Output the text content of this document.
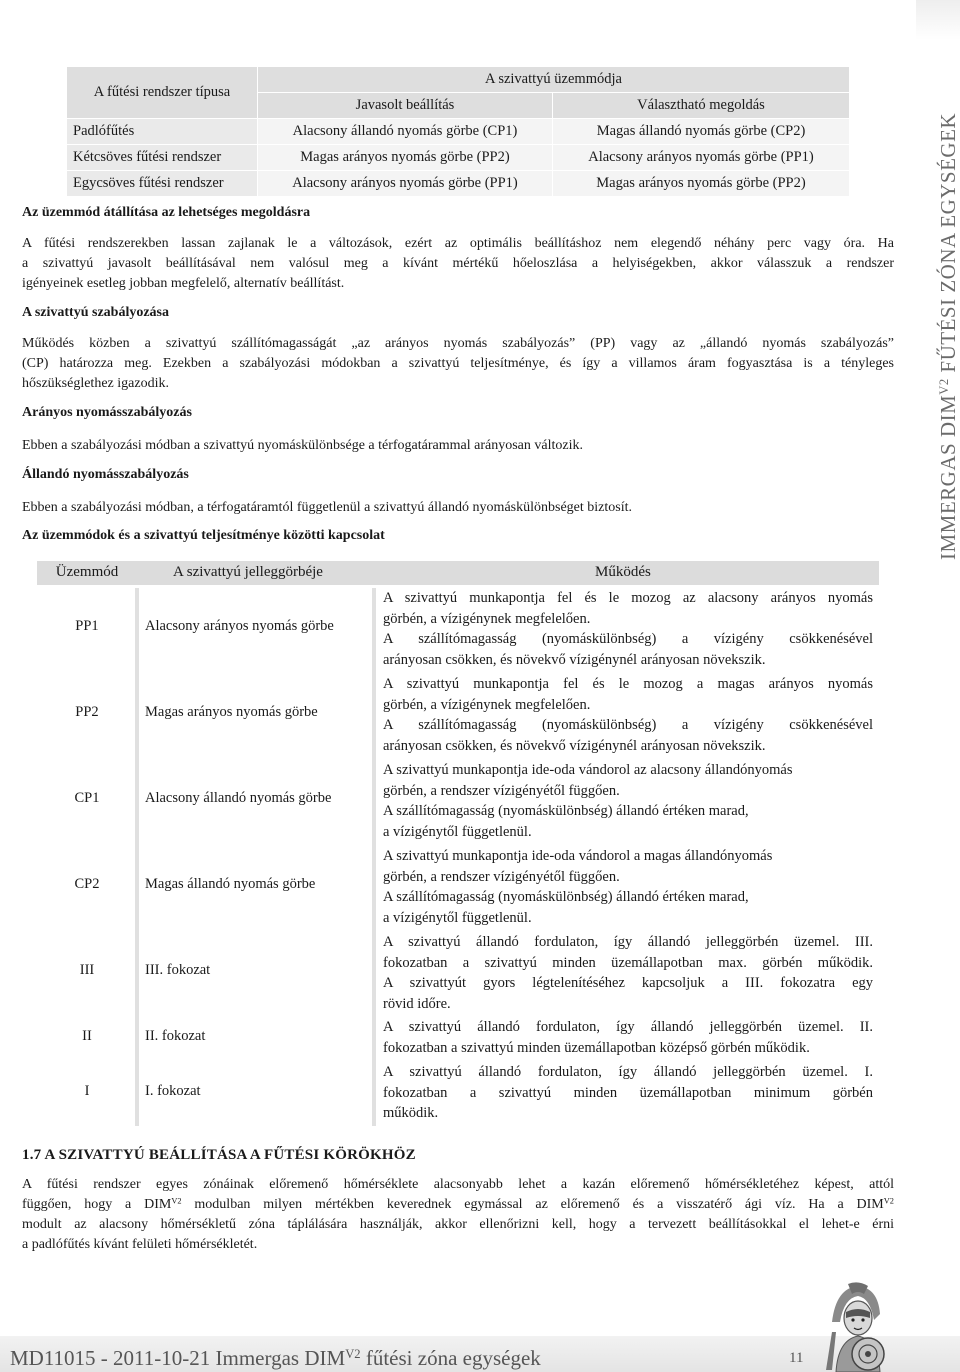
A fűtési rendszer típusa	A szivattyú üzemmódja	
	Javasolt beállítás	Választható megoldás
Padlófűtés	Alacsony állandó nyomás görbe (CP1)	Magas állandó nyomás görbe (CP2)
Kétcsöves fűtési rendszer	Magas arányos nyomás görbe (PP2)	Alacsony arányos nyomás görbe (PP1)
Egycsöves fűtési rendszer	Alacsony arányos nyomás görbe (PP1)	Magas arányos nyomás görbe (PP2)
Az üzemmód átállítása az lehetséges megoldásra
A fűtési rendszerekben lassan zajlanak le a változások, ezért az optimális beállításhoz nem elegendő néhány perc vagy óra. Ha
a szivattyú javasolt beállításával nem valósul meg a kívánt mértékű hőeloszlása a helyiségekben, akkor válasszuk a rendszer
igényeinek esetleg jobban megfelelő, alternatív beállítást.
A szivattyú szabályozása
Működés közben a szivattyú szállítómagasságát „az arányos nyomás szabályozás” (PP) vagy az „állandó nyomás szabályozás”
(CP) határozza meg. Ezekben a szabályozási módokban a szivattyú teljesítménye, és így a villamos áram fogyasztása is a tényleges
hőszükséglethez igazodik.
Arányos nyomásszabályozás
Ebben a szabályozási módban a szivattyú nyomáskülönbsége a térfogatárammal arányosan változik.
Állandó nyomásszabályozás
Ebben a szabályozási módban, a térfogatáramtól függetlenül a szivattyú állandó nyomáskülönbséget biztosít.
Az üzemmódok és a szivattyú teljesítménye közötti kapcsolat
Üzemmód	A szivattyú jelleggörbéje	Működés
PP1	Alacsony arányos nyomás görbe
A szivattyú munkapontja fel és le mozog az alacsony arányos nyomás
görbén, a vízigénynek megfelelően.
A szállítómagasság (nyomáskülönbség) a vízigény csökkenésével
arányosan csökken, és növekvő vízigénynél arányosan növekszik.
PP2	Magas arányos nyomás görbe
A szivattyú munkapontja fel és le mozog a magas arányos nyomás
görbén, a vízigénynek megfelelően.
A szállítómagasság (nyomáskülönbség) a vízigény csökkenésével
arányosan csökken, és növekvő vízigénynél arányosan növekszik.
CP1	Alacsony állandó nyomás görbe
A szivattyú munkapontja ide-oda vándorol az alacsony állandónyomás
görbén, a rendszer vízigényétől függően.
A szállítómagasság (nyomáskülönbség) állandó értéken marad,
a vízigénytől függetlenül.
CP2	Magas állandó nyomás görbe
A szivattyú munkapontja ide-oda vándorol a magas állandónyomás
görbén, a rendszer vízigényétől függően.
A szállítómagasság (nyomáskülönbség) állandó értéken marad,
a vízigénytől függetlenül.
III	III. fokozat
A szivattyú állandó fordulaton, így állandó jelleggörbén üzemel. III.
fokozatban a szivattyú minden üzemállapotban max. görbén működik.
A szivattyút gyors légtelenítéséhez kapcsoljuk a III. fokozatra egy
rövid időre.
II	II. fokozat
A szivattyú állandó fordulaton, így állandó jelleggörbén üzemel. II.
fokozatban a szivattyú minden üzemállapotban középső görbén működik.
I	I. fokozat
A szivattyú állandó fordulaton, így állandó jelleggörbén üzemel. I.
fokozatban a szivattyú minden üzemállapotban minimum görbén
működik.
1.7 A SZIVATTYÚ BEÁLLÍTÁSA A FŰTÉSI KÖRÖKHÖZ
A fűtési rendszer egyes zónáinak előremenő hőmérséklete alacsonyabb lehet a kazán előremenő hőmérsékletéhez képest, attól
függően, hogy a $DIM^{V2}$ modulban milyen mértékben keverednek egymással az előremenő és a visszatérő ági víz. Ha a $DIM^{V2}$
modult az alacsony hőmérsékletű zóna táplálására használják, akkor ellenőrizni kell, hogy a tervezett beállításokkal el lehet-e érni
a padlófűtés kívánt felületi hőmérsékletét.
IMMERGAS $DIM^{V2}$ FŰTÉSI ZÓNA EGYSÉGEK
MD11015 - 2011-10-21 Immergas $DIM^{V2}$ fűtési zóna egységek	11
